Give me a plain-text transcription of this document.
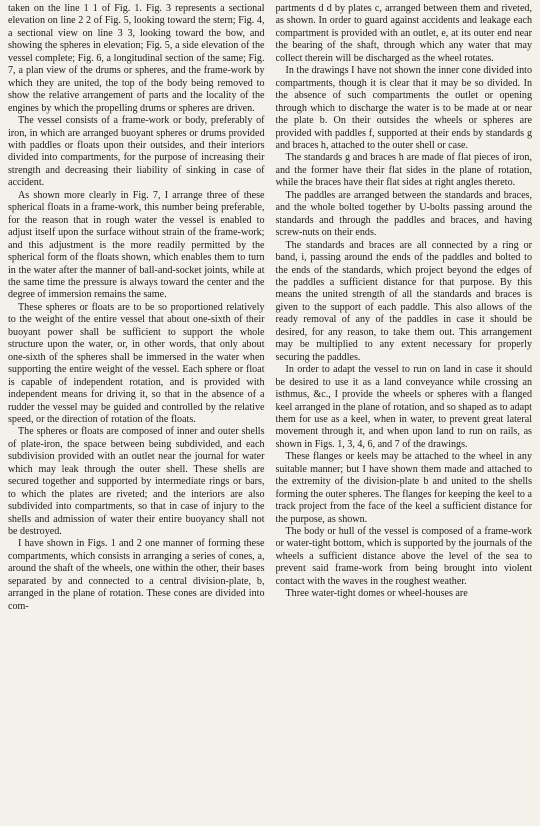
taken on the line 1 1 of Fig. 1. Fig. 3 represents a sectional elevation on line 2 2 of Fig. 5, looking toward the stern; Fig. 4, a sectional view on line 3 3, looking toward the bow, and showing the spheres in elevation; Fig. 5, a side elevation of the vessel complete; Fig. 6, a longitudinal section of the same; Fig. 7, a plan view of the drums or spheres, and the frame-work by which they are united, the top of the body being removed to show the relative arrangement of parts and the locality of the engines by which the propelling drums or spheres are driven.

The vessel consists of a frame-work or body, preferably of iron, in which are arranged buoyant spheres or drums provided with paddles or floats upon their outsides, and their interiors divided into compartments, for the purpose of increasing their strength and decreasing their liability of sinking in case of accident.

As shown more clearly in Fig. 7, I arrange three of these spherical floats in a frame-work, this number being preferable, for the reason that in rough water the vessel is enabled to adjust itself upon the surface without strain of the frame-work; and this adjustment is the more readily permitted by the spherical form of the floats shown, which enables them to turn in the water after the manner of ball-and-socket joints, while at the same time the pressure is always toward the center and the degree of immersion remains the same.

These spheres or floats are to be so proportioned relatively to the weight of the entire vessel that about one-sixth of their buoyant power shall be sufficient to support the whole structure upon the water, or, in other words, that only about one-sixth of the spheres shall be immersed in the water when supporting the entire weight of the vessel. Each sphere or float is capable of independent rotation, and is provided with independent means for driving it, so that in the absence of a rudder the vessel may be guided and controlled by the relative speed, or the direction of rotation of the floats.

The spheres or floats are composed of inner and outer shells of plate-iron, the space between being subdivided, and each subdivision provided with an outlet near the journal for water which may leak through the outer shell. These shells are secured together and supported by intermediate rings or bars, to which the plates are riveted; and the interiors are also subdivided into compartments, so that in case of injury to the shells and admission of water their entire buoyancy shall not be destroyed.

I have shown in Figs. 1 and 2 one manner of forming these compartments, which consists in arranging a series of cones, a, around the shaft of the wheels, one within the other, their bases separated by and connected to a central division-plate, b, arranged in the plane of rotation. These cones are divided into com-

partments d d by plates c, arranged between them and riveted, as shown. In order to guard against accidents and leakage each compartment is provided with an outlet, e, at its outer end near the bearing of the shaft, through which any water that may collect therein will be discharged as the wheel rotates.

In the drawings I have not shown the inner cone divided into compartments, though it is clear that it may be so divided. In the absence of such compartments the outlet or opening through which to discharge the water is to be made at or near the plate b. On their outsides the wheels or spheres are provided with paddles f, supported at their ends by standards g and braces h, attached to the outer shell or case.

The standards g and braces h are made of flat pieces of iron, and the former have their flat sides in the plane of rotation, while the braces have their flat sides at right angles thereto.

The paddles are arranged between the standards and braces, and the whole bolted together by U-bolts passing around the standards and through the paddles and braces, and having screw-nuts on their ends.

The standards and braces are all connected by a ring or band, i, passing around the ends of the paddles and bolted to the ends of the standards, which project beyond the edges of the paddles a sufficient distance for that purpose. By this means the united strength of all the standards and braces is given to the support of each paddle. This also allows of the ready removal of any of the paddles in case it should be desired, for any reason, to take them out. This arrangement may be multiplied to any extent necessary for properly securing the paddles.

In order to adapt the vessel to run on land in case it should be desired to use it as a land conveyance while crossing an isthmus, &c., I provide the wheels or spheres with a flanged keel arranged in the plane of rotation, and so shaped as to adapt them for use as a keel, when in water, to prevent great lateral movement through it, and when upon land to run on rails, as shown in Figs. 1, 3, 4, 6, and 7 of the drawings.

These flanges or keels may be attached to the wheel in any suitable manner; but I have shown them made and attached to the extremity of the division-plate b and united to the shells forming the outer spheres. The flanges for keeping the keel to a track project from the face of the keel a sufficient distance for the purpose, as shown.

The body or hull of the vessel is composed of a frame-work or water-tight bottom, which is supported by the journals of the wheels a sufficient distance above the level of the sea to prevent said frame-work from being brought into violent contact with the waves in the roughest weather.

Three water-tight domes or wheel-houses are
